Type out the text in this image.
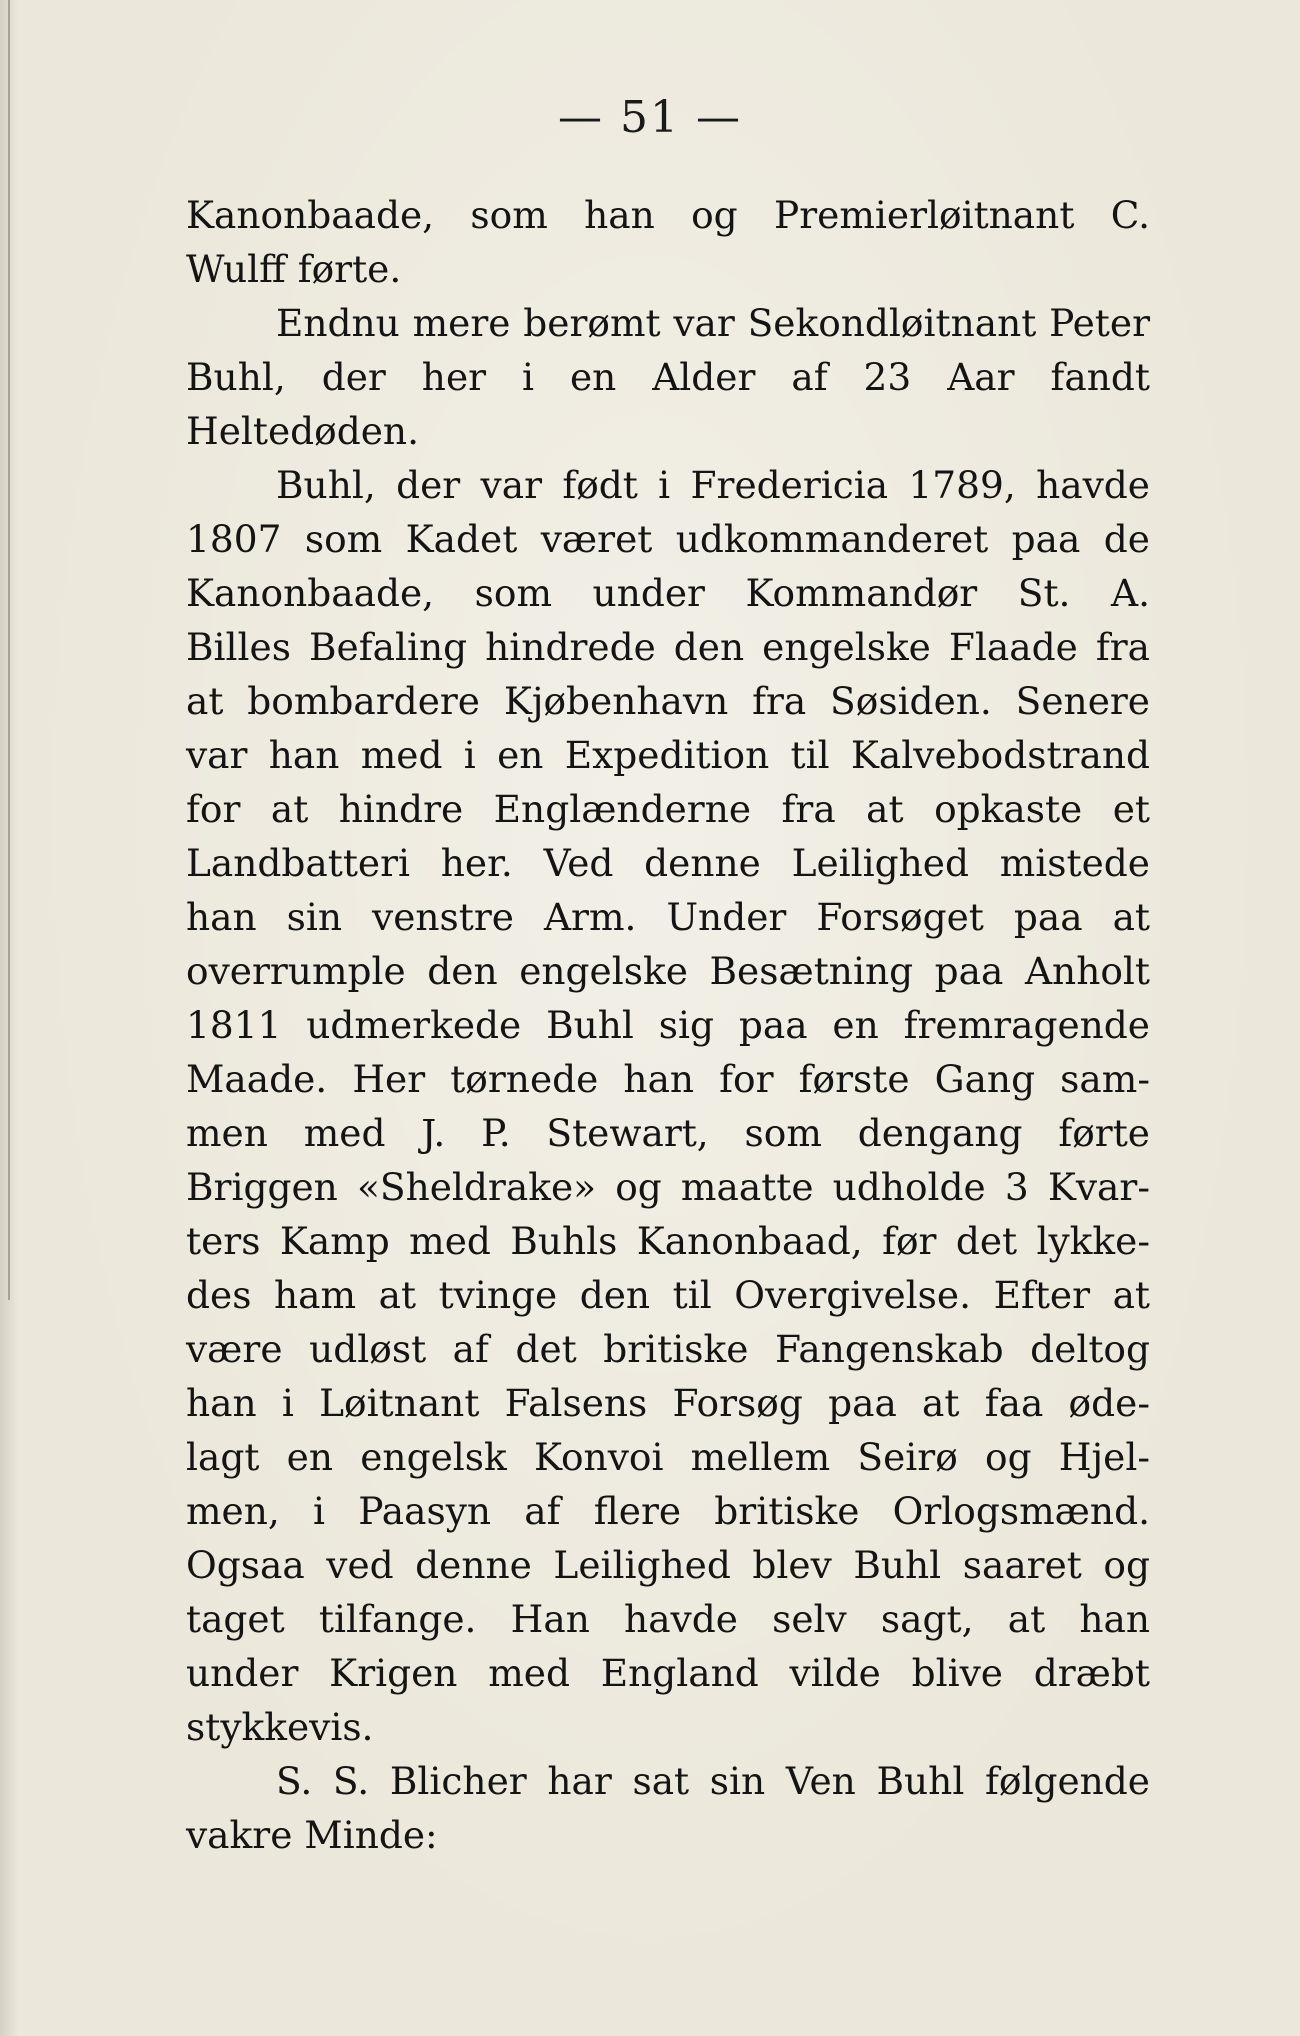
— 51 —
Kanonbaade, som han og Premierløitnant C.
Wulff førte.
Endnu mere berømt var Sekondløitnant Peter
Buhl, der her i en Alder af 23 Aar fandt
Heltedøden.
Buhl, der var født i Fredericia 1789, havde
1807 som Kadet været udkommanderet paa de
Kanonbaade, som under Kommandør St. A.
Billes Befaling hindrede den engelske Flaade fra
at bombardere Kjøbenhavn fra Søsiden. Senere
var han med i en Expedition til Kalvebodstrand
for at hindre Englænderne fra at opkaste et
Landbatteri her. Ved denne Leilighed mistede
han sin venstre Arm. Under Forsøget paa at
overrumple den engelske Besætning paa Anholt
1811 udmerkede Buhl sig paa en fremragende
Maade. Her tørnede han for første Gang sam-
men med J. P. Stewart, som dengang førte
Briggen «Sheldrake» og maatte udholde 3 Kvar-
ters Kamp med Buhls Kanonbaad, før det lykke-
des ham at tvinge den til Overgivelse. Efter at
være udløst af det britiske Fangenskab deltog
han i Løitnant Falsens Forsøg paa at faa øde-
lagt en engelsk Konvoi mellem Seirø og Hjel-
men, i Paasyn af flere britiske Orlogsmænd.
Ogsaa ved denne Leilighed blev Buhl saaret og
taget tilfange. Han havde selv sagt, at han
under Krigen med England vilde blive dræbt
stykkevis.
S. S. Blicher har sat sin Ven Buhl følgende
vakre Minde:
